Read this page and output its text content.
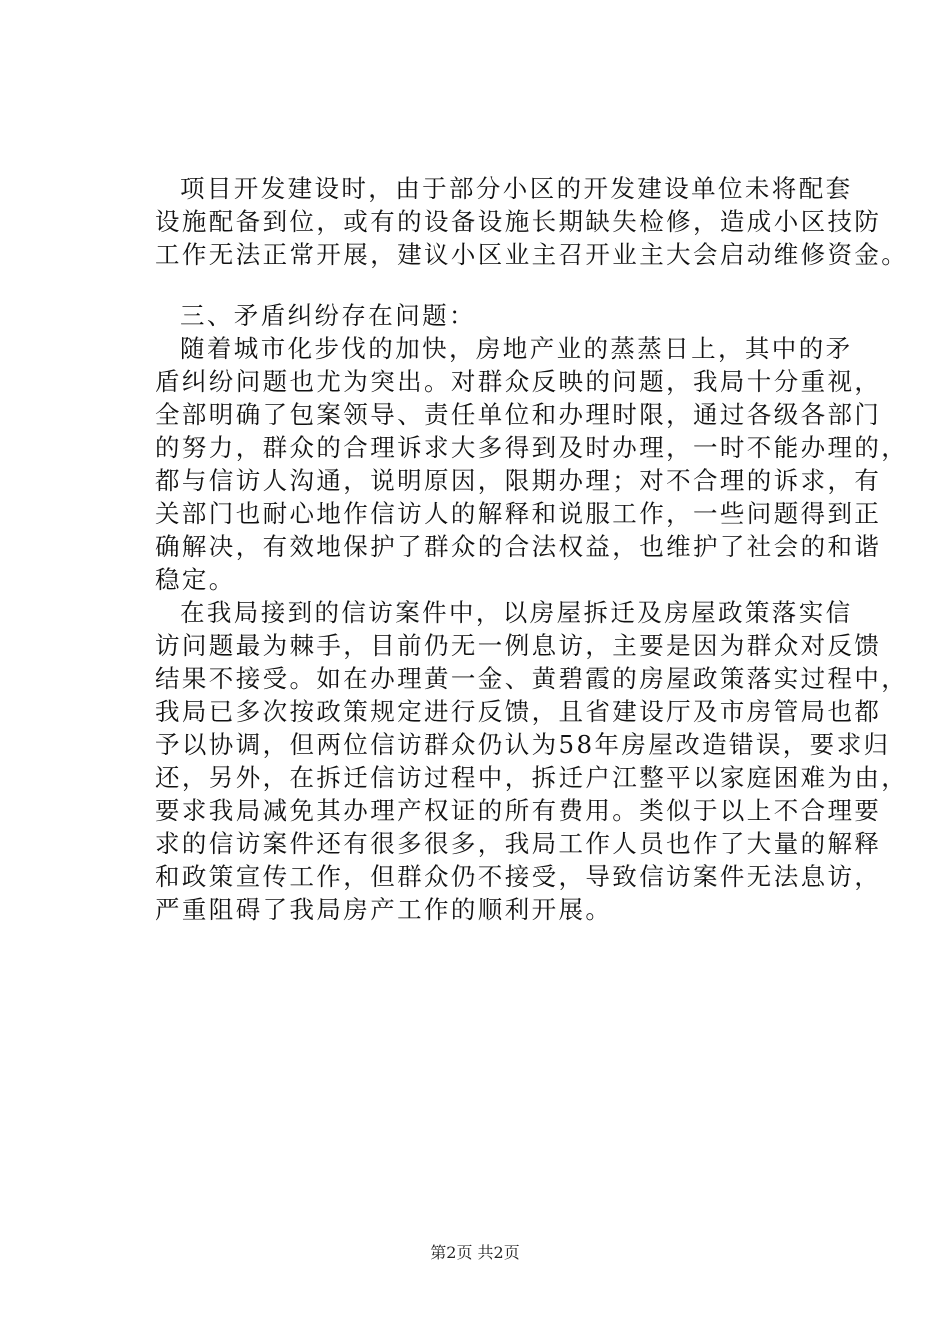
项目开发建设时，由于部分小区的开发建设单位未将配套
设施配备到位，或有的设备设施长期缺失检修，造成小区技防
工作无法正常开展，建议小区业主召开业主大会启动维修资金。
三、矛盾纠纷存在问题：
随着城市化步伐的加快，房地产业的蒸蒸日上，其中的矛
盾纠纷问题也尤为突出。对群众反映的问题，我局十分重视，
全部明确了包案领导、责任单位和办理时限，通过各级各部门
的努力，群众的合理诉求大多得到及时办理，一时不能办理的，
都与信访人沟通，说明原因，限期办理；对不合理的诉求，有
关部门也耐心地作信访人的解释和说服工作，一些问题得到正
确解决，有效地保护了群众的合法权益，也维护了社会的和谐
稳定。
在我局接到的信访案件中，以房屋拆迁及房屋政策落实信
访问题最为棘手，目前仍无一例息访，主要是因为群众对反馈
结果不接受。如在办理黄一金、黄碧霞的房屋政策落实过程中，
我局已多次按政策规定进行反馈，且省建设厅及市房管局也都
予以协调，但两位信访群众仍认为58年房屋改造错误，要求归
还，另外，在拆迁信访过程中，拆迁户江整平以家庭困难为由，
要求我局减免其办理产权证的所有费用。类似于以上不合理要
求的信访案件还有很多很多，我局工作人员也作了大量的解释
和政策宣传工作，但群众仍不接受，导致信访案件无法息访，
严重阻碍了我局房产工作的顺利开展。
第2页 共2页
